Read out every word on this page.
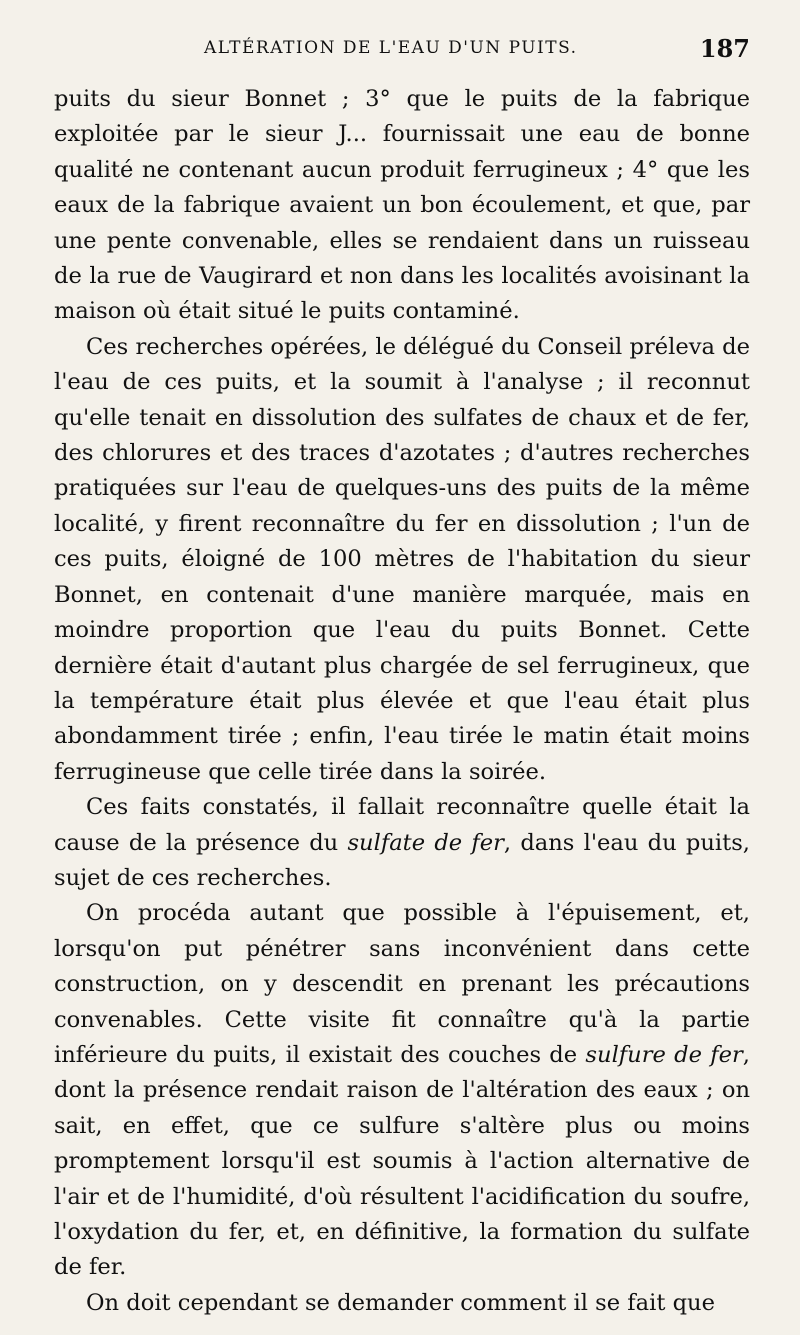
ALTÉRATION DE L'EAU D'UN PUITS.	187

puits du sieur Bonnet ; 3° que le puits de la fabrique exploitée par le sieur J... fournissait une eau de bonne qualité ne contenant aucun produit ferrugineux ; 4° que les eaux de la fabrique avaient un bon écoulement, et que, par une pente convenable, elles se rendaient dans un ruisseau de la rue de Vaugirard et non dans les localités avoisinant la maison où était situé le puits contaminé.

Ces recherches opérées, le délégué du Conseil préleva de l'eau de ces puits, et la soumit à l'analyse ; il reconnut qu'elle tenait en dissolution des sulfates de chaux et de fer, des chlorures et des traces d'azotates ; d'autres recherches pratiquées sur l'eau de quelques-uns des puits de la même localité, y firent reconnaître du fer en dissolution ; l'un de ces puits, éloigné de 100 mètres de l'habitation du sieur Bonnet, en contenait d'une manière marquée, mais en moindre proportion que l'eau du puits Bonnet. Cette dernière était d'autant plus chargée de sel ferrugineux, que la température était plus élevée et que l'eau était plus abondamment tirée ; enfin, l'eau tirée le matin était moins ferrugineuse que celle tirée dans la soirée.

Ces faits constatés, il fallait reconnaître quelle était la cause de la présence du sulfate de fer, dans l'eau du puits, sujet de ces recherches.

On procéda autant que possible à l'épuisement, et, lorsqu'on put pénétrer sans inconvénient dans cette construction, on y descendit en prenant les précautions convenables. Cette visite fit connaître qu'à la partie inférieure du puits, il existait des couches de sulfure de fer, dont la présence rendait raison de l'altération des eaux ; on sait, en effet, que ce sulfure s'altère plus ou moins promptement lorsqu'il est soumis à l'action alternative de l'air et de l'humidité, d'où résultent l'acidification du soufre, l'oxydation du fer, et, en définitive, la formation du sulfate de fer.

On doit cependant se demander comment il se fait que
